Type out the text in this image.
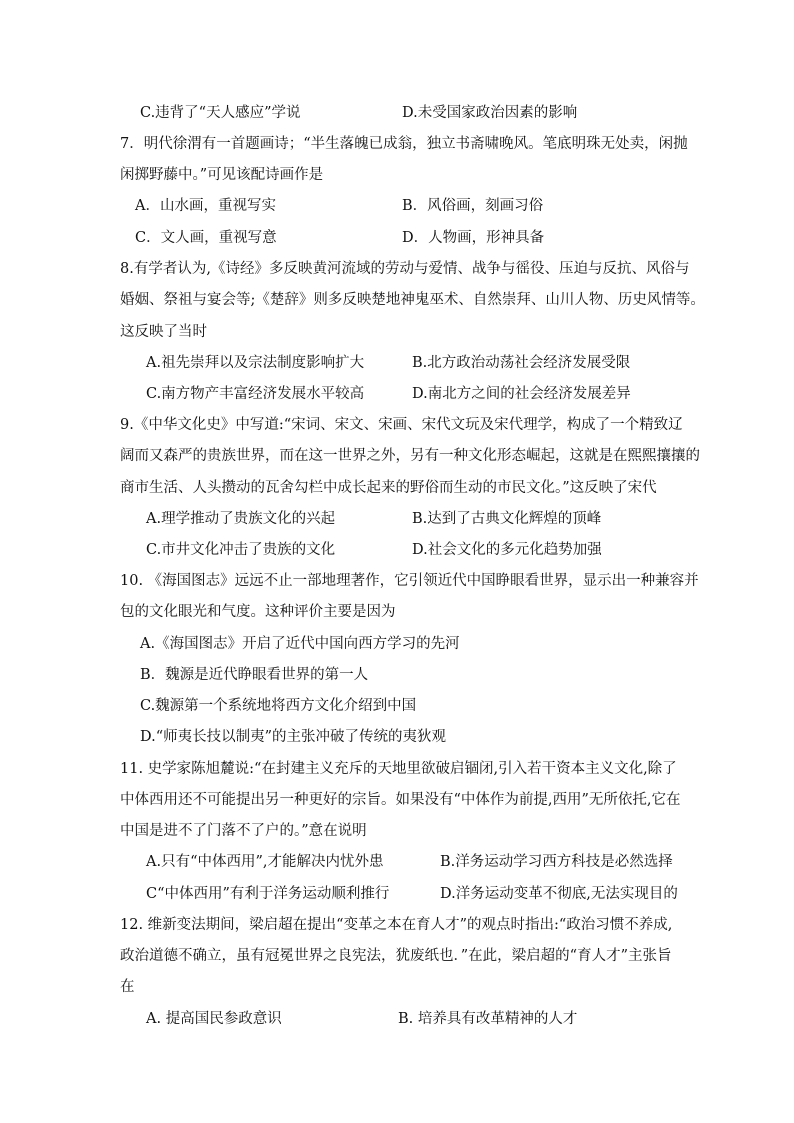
C.违背了“天人感应”学说	D.未受国家政治因素的影响
7．明代徐渭有一首题画诗；“半生落魄已成翁，独立书斋啸晚风。笔底明珠无处卖，闲抛
闲掷野藤中。”可见该配诗画作是
A．山水画，重视写实	B．风俗画，刻画习俗
C．文人画，重视写意	D．人物画，形神具备
8.有学者认为,《诗经》多反映黄河流域的劳动与爱情、战争与徭役、压迫与反抗、风俗与
婚姻、祭祖与宴会等;《楚辞》则多反映楚地神鬼巫术、自然崇拜、山川人物、历史风情等。
这反映了当时
A.祖先崇拜以及宗法制度影响扩大	B.北方政治动荡社会经济发展受限
C.南方物产丰富经济发展水平较高	D.南北方之间的社会经济发展差异
9.《中华文化史》中写道:“宋词、宋文、宋画、宋代文玩及宋代理学，构成了一个精致辽
阔而又森严的贵族世界，而在这一世界之外，另有一种文化形态崛起，这就是在熙熙攘攘的
商市生活、人头攒动的瓦舍勾栏中成长起来的野俗而生动的市民文化。”这反映了宋代
A.理学推动了贵族文化的兴起	B.达到了古典文化辉煌的顶峰
C.市井文化冲击了贵族的文化	D.社会文化的多元化趋势加强
10. 《海国图志》远远不止一部地理著作，它引领近代中国睁眼看世界，显示出一种兼容并
包的文化眼光和气度。这种评价主要是因为
A.《海国图志》开启了近代中国向西方学习的先河
B．魏源是近代睁眼看世界的第一人
C.魏源第一个系统地将西方文化介绍到中国
D.“师夷长技以制夷”的主张冲破了传统的夷狄观
11. 史学家陈旭麓说:“在封建主义充斥的天地里欲破启锢闭,引入若干资本主义文化,除了
中体西用还不可能提出另一种更好的宗旨。如果没有“中体作为前提,西用”无所依托,它在
中国是进不了门落不了户的。”意在说明
A.只有“中体西用”,才能解决内忧外患	B.洋务运动学习西方科技是必然选择
C“中体西用”有利于洋务运动顺利推行	D.洋务运动变革不彻底,无法实现目的
12. 维新变法期间，梁启超在提出“变革之本在育人才”的观点时指出:“政治习惯不养成,
政治道德不确立，虽有冠冕世界之良宪法，犹废纸也．”在此，梁启超的“育人才”主张旨
在
A. 提高国民参政意识	B. 培养具有改革精神的人才
